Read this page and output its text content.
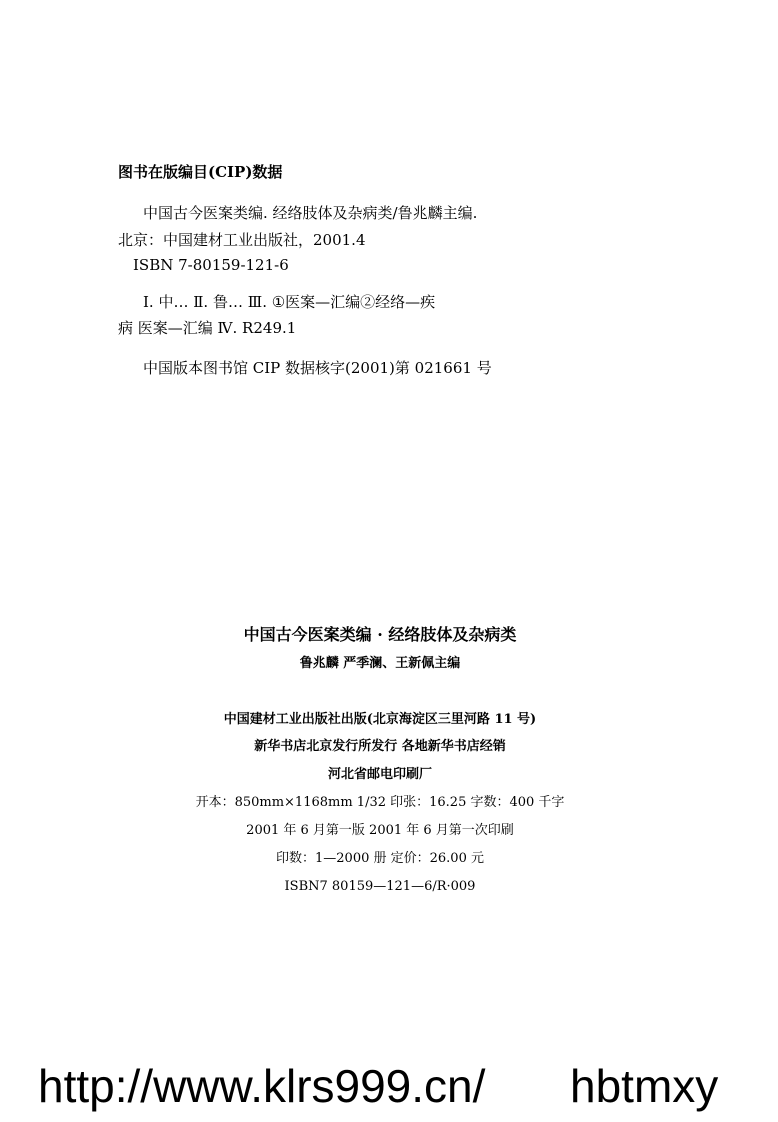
图书在版编目(CIP)数据
中国古今医案类编. 经络肢体及杂病类/鲁兆麟主编.
北京：中国建材工业出版社，2001.4
ISBN 7-80159-121-6
Ⅰ. 中… Ⅱ. 鲁… Ⅲ. ①医案—汇编②经络—疾
病 医案—汇编 Ⅳ. R249.1
中国版本图书馆 CIP 数据核字(2001)第 021661 号
中国古今医案类编 · 经络肢体及杂病类
鲁兆麟 严季澜、王新佩主编
中国建材工业出版社出版(北京海淀区三里河路 11 号)
新华书店北京发行所发行 各地新华书店经销
河北省邮电印刷厂
开本：850mm×1168mm 1/32 印张：16.25 字数：400 千字
2001 年 6 月第一版 2001 年 6 月第一次印刷
印数：1—2000 册 定价：26.00 元
ISBN7 80159—121—6/R·009
http://www.klrs999.cn/ hbtmxy
